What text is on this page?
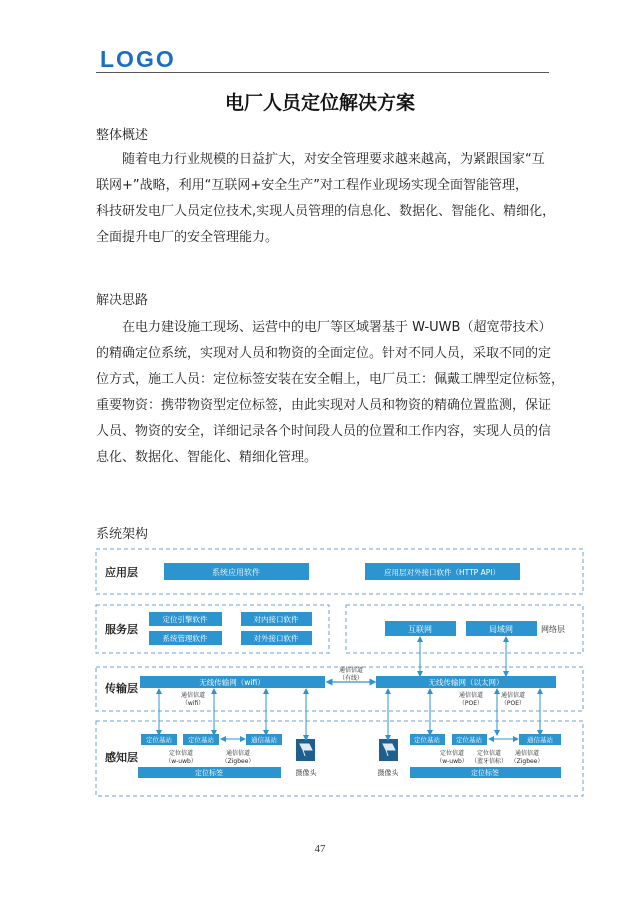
LOGO
电厂人员定位解决方案
整体概述
随着电力行业规模的日益扩大，对安全管理要求越来越高，为紧跟国家“互
联网+”战略，利用“互联网+安全生产”对工程作业现场实现全面智能管理，
科技研发电厂人员定位技术,实现人员管理的信息化、数据化、智能化、精细化，
全面提升电厂的安全管理能力。
解决思路
在电力建设施工现场、运营中的电厂等区域署基于 W-UWB（超宽带技术）
的精确定位系统，实现对人员和物资的全面定位。针对不同人员，采取不同的定
位方式，施工人员：定位标签安装在安全帽上，电厂员工：佩戴工牌型定位标签，
重要物资：携带物资型定位标签，由此实现对人员和物资的精确位置监测，保证
人员、物资的安全，详细记录各个时间段人员的位置和工作内容，实现人员的信
息化、数据化、智能化、精细化管理。
系统架构
应用层
服务层
传输层
感知层
系统应用软件	应用层对外接口软件（HTTP API）
定位引擎软件	对内接口软件
系统管理软件	对外接口软件
互联网	局域网	网络层
无线传输网（wifi）	无线传输网（以太网）
通信信道
（有线）
通信信道
（wifi）
通信信道
（POE）
通信信道
（POE）
定位基站 定位基站	通信基站
定位信道
（w-uwb）
通信信道
（Zigbee）
定位标签	摄像头	摄像头
定位基站 定位基站	通信基站
定位信道
（w-uwb）
定位信道
（蓝牙信标）
通信信道
（Zigbee）
定位标签
47
